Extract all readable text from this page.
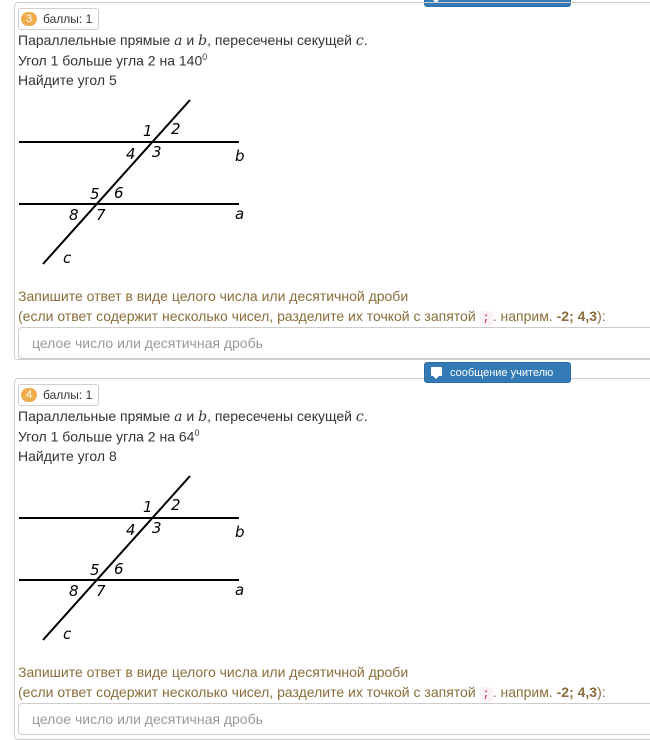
3 баллы: 1
Параллельные прямые a и b, пересечены секущей c.
Угол 1 больше угла 2 на $140^0$
Найдите угол 5
1 2
4 3	b
5 6
8 7	a
c
Запишите ответ в виде целого числа или десятичной дроби
(если ответ содержит несколько чисел, разделите их точкой с запятой ; . наприм. -2; 4,3):
целое число или десятичная дробь
сообщение учителю
4 баллы: 1
Параллельные прямые a и b, пересечены секущей c.
Угол 1 больше угла 2 на $64^0$
Найдите угол 8
1 2
4 3	b
5 6
8 7	a
c
Запишите ответ в виде целого числа или десятичной дроби
(если ответ содержит несколько чисел, разделите их точкой с запятой ; . наприм. -2; 4,3):
целое число или десятичная дробь
